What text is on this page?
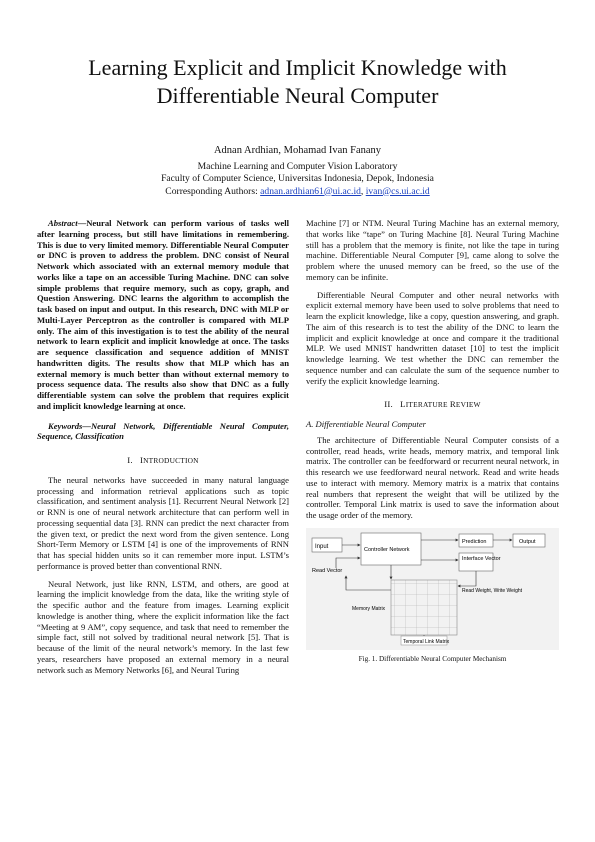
Learning Explicit and Implicit Knowledge with Differentiable Neural Computer
Adnan Ardhian, Mohamad Ivan Fanany
Machine Learning and Computer Vision Laboratory
Faculty of Computer Science, Universitas Indonesia, Depok, Indonesia
Corresponding Authors: adnan.ardhian61@ui.ac.id, ivan@cs.ui.ac.id

Abstract—Neural Network can perform various of tasks well after learning process, but still have limitations in remembering. This is due to very limited memory. Differentiable Neural Computer or DNC is proven to address the problem. DNC consist of Neural Network which associated with an external memory module that works like a tape on an accessible Turing Machine. DNC can solve simple problems that require memory, such as copy, graph, and Question Answering. DNC learns the algorithm to accomplish the task based on input and output. In this research, DNC with MLP or Multi-Layer Perceptron as the controller is compared with MLP only. The aim of this investigation is to test the ability of the neural network to learn explicit and implicit knowledge at once. The tasks are sequence classification and sequence addition of MNIST handwritten digits. The results show that MLP which has an external memory is much better than without external memory to process sequence data. The results also show that DNC as a fully differentiable system can solve the problem that requires explicit and implicit knowledge learning at once.

Keywords—Neural Network, Differentiable Neural Computer, Sequence, Classification

I. INTRODUCTION

The neural networks have succeeded in many natural language processing and information retrieval applications such as topic classification, and sentiment analysis [1]. Recurrent Neural Network [2] or RNN is one of neural network architecture that can perform well in processing sequential data [3]. RNN can predict the next character from the given text, or predict the next word from the given sentence. Long Short-Term Memory or LSTM [4] is one of the improvements of RNN that has special hidden units so it can remember more input. LSTM’s performance is proved better than conventional RNN.

Neural Network, just like RNN, LSTM, and others, are good at learning the implicit knowledge from the data, like the writing style of the specific author and the feature from images. Learning explicit knowledge is another thing, where the explicit information like the fact “Meeting at 9 AM”, copy sequence, and task that need to remember the simple fact, still not solved by traditional neural network [5]. That is because of the limit of the neural network’s memory. In the last few years, researchers have proposed an external memory in a neural network such as Memory Networks [6], and Neural Turing

Machine [7] or NTM. Neural Turing Machine has an external memory, that works like “tape” on Turing Machine [8]. Neural Turing Machine still has a problem that the memory is finite, not like the tape in turing machine. Differentiable Neural Computer [9], came along to solve the problem where the unused memory can be freed, so the use of the memory can be infinite.

Differentiable Neural Computer and other neural networks with explicit external memory have been used to solve problems that need to learn the explicit knowledge, like a copy, question answering, and graph. The aim of this research is to test the ability of the DNC to learn the implicit and explicit knowledge at once and compare it the traditional MLP. We used MNIST handwritten dataset [10] to test the implicit knowledge learning. We test whether the DNC can remember the sequence number and can calculate the sum of the sequence number to verify the explicit knowledge learning.

II. LITERATURE REVIEW
A. Differentiable Neural Computer

The architecture of Differentiable Neural Computer consists of a controller, read heads, write heads, memory matrix, and temporal link matrix. The controller can be feedforward or recurrent neural network, in this research we use feedforward neural network. Read and write heads use to interact with memory. Memory matrix is a matrix that contains real numbers that represent the weight that will be utilized by the controller. Temporal Link matrix is used to save the information about the usage order of the memory.

Input	Controller Network
Prediction	Output
Interface Vector
Read Vector
Memory Matrix
Read Weight, Write Weight
Temporal Link Matrix
Fig. 1. Differentiable Neural Computer Mechanism
